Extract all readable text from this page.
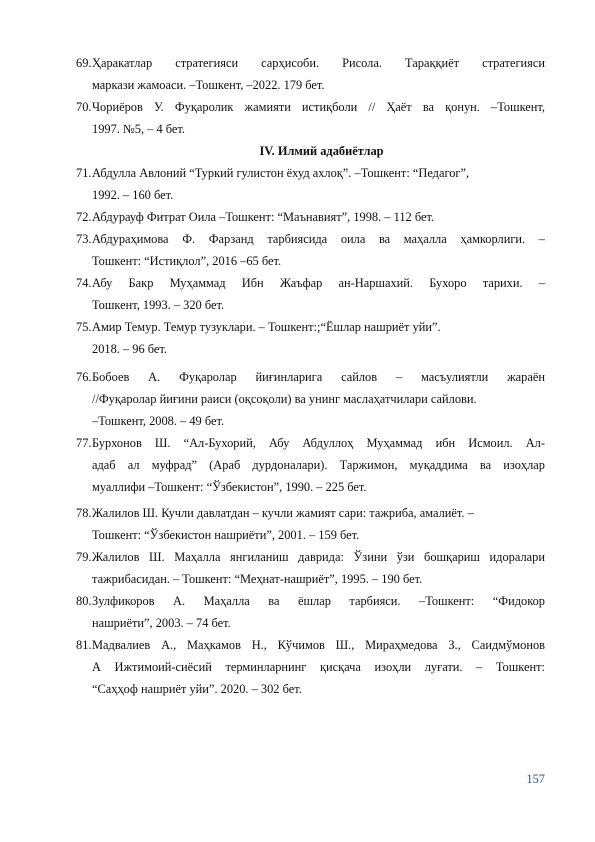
69. Ҳаракатлар стратегияси сарҳисоби. Рисола. Тараққиёт стратегияси
маркази жамоаси. –Тошкент, –2022. 179 бет.
70. Чориёров У. Фуқаролик жамияти истиқболи // Ҳаёт ва қонун. –Тошкент,
1997. №5, – 4 бет.
IV. Илмий адабиётлар
71. Абдулла Авлоний “Туркий гулистон ёхуд ахлоқ”. –Тошкент: “Педагог”,
1992. – 160 бет.
72. Абдурауф Фитрат Оила –Тошкент: “Маънавият”, 1998. – 112 бет.
73. Абдураҳимова Ф. Фарзанд тарбиясида оила ва маҳалла ҳамкорлиги. –
Тошкент: “Истиқлол”, 2016 –65 бет.
74. Абу Бакр Муҳаммад Ибн Жаъфар ан-Наршахий. Бухоро тарихи. –
Тошкент, 1993. – 320 бет.
75. Амир Темур. Темур тузуклари. – Тошкент:;“Ёшлар нашриёт уйи”.
2018. – 96 бет.
76. Бобоев А. Фуқаролар йиғинларига сайлов – масъулиятли жараён
//Фуқаролар йиғини раиси (оқсоқоли) ва унинг маслаҳатчилари сайлови.
–Тошкент, 2008. – 49 бет.
77. Бурхонов Ш. “Ал-Бухорий, Абу Абдуллоҳ Муҳаммад ибн Исмоил. Ал-
адаб ал муфрад” (Араб дурдоналари). Таржимон, муқаддима ва изоҳлар
муаллифи –Тошкент: “Ўзбекистон”, 1990. – 225 бет.
78. Жалилов Ш. Кучли давлатдан – кучли жамият сари: тажриба, амалиёт. –
Тошкент: “Ўзбекистон нашриёти”, 2001. – 159 бет.
79. Жалилов Ш. Маҳалла янгиланиш даврида: Ўзини ўзи бошқариш идоралари
тажрибасидан. – Тошкент: “Меҳнат-нашриёт”, 1995. – 190 бет.
80. Зулфикоров А. Маҳалла ва ёшлар тарбияси. –Тошкент: “Фидокор
нашриёти”, 2003. – 74 бет.
81. Мадвалиев А., Маҳкамов Н., Кўчимов Ш., Мираҳмедова З., Саидмўмонов
А Ижтимоий-сиёсий терминларнинг қисқача изоҳли луғати. – Тошкент:
“Саҳҳоф нашриёт уйи”. 2020. – 302 бет.
157
